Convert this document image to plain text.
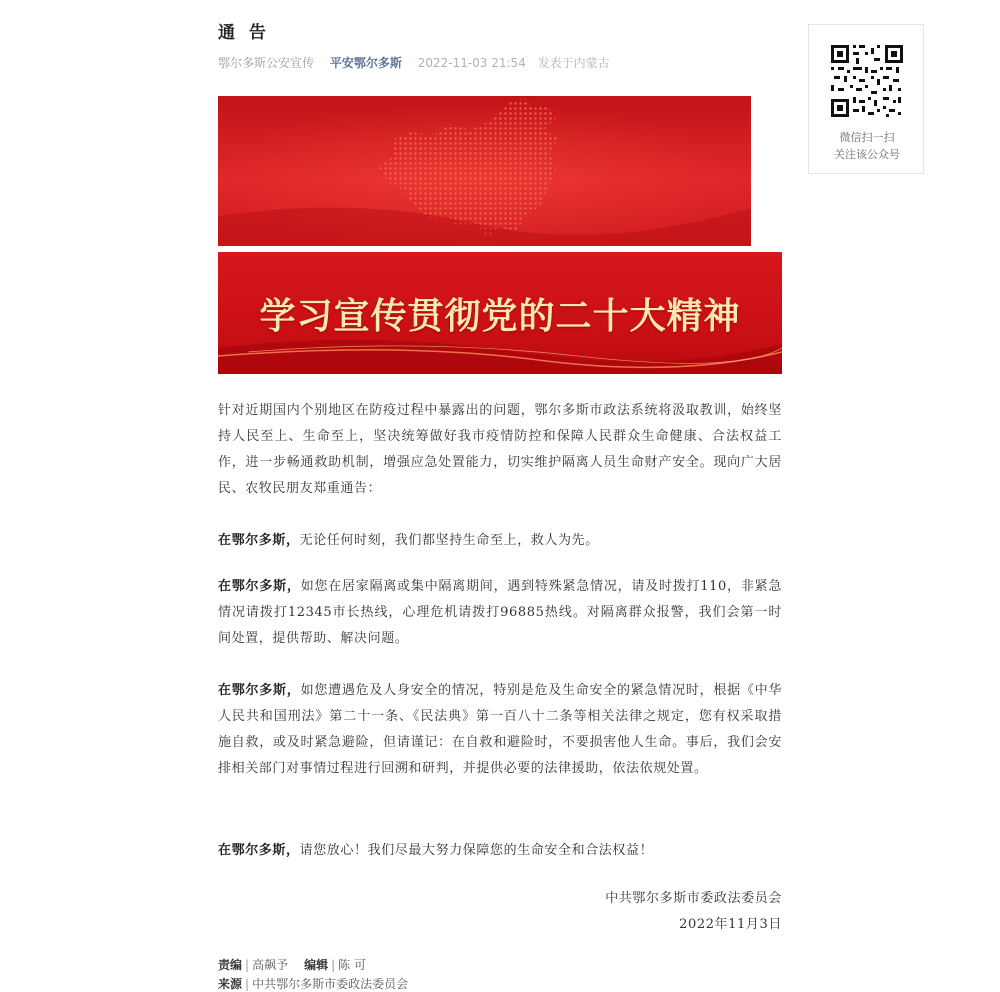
通 告
鄂尔多斯公安宣传 平安鄂尔多斯 2022-11-03 21:54 发表于内蒙古
学习宣传贯彻党的二十大精神

针对近期国内个别地区在防疫过程中暴露出的问题，鄂尔多斯市政法系统将汲取教训，始终坚持人民至上、生命至上，坚决统筹做好我市疫情防控和保障人民群众生命健康、合法权益工作，进一步畅通救助机制，增强应急处置能力，切实维护隔离人员生命财产安全。现向广大居民、农牧民朋友郑重通告：

在鄂尔多斯，无论任何时刻，我们都坚持生命至上，救人为先。

在鄂尔多斯，如您在居家隔离或集中隔离期间，遇到特殊紧急情况，请及时拨打110，非紧急情况请拨打12345市长热线，心理危机请拨打96885热线。对隔离群众报警，我们会第一时间处置，提供帮助、解决问题。

在鄂尔多斯，如您遭遇危及人身安全的情况，特别是危及生命安全的紧急情况时，根据《中华人民共和国刑法》第二十一条、《民法典》第一百八十二条等相关法律之规定，您有权采取措施自救，或及时紧急避险，但请谨记：在自救和避险时，不要损害他人生命。事后，我们会安排相关部门对事情过程进行回溯和研判，并提供必要的法律援助，依法依规处置。

在鄂尔多斯，请您放心！我们尽最大努力保障您的生命安全和合法权益！

中共鄂尔多斯市委政法委员会
2022年11月3日
责编 | 高飙予 编辑 | 陈 可
来源 | 中共鄂尔多斯市委政法委员会
微信扫一扫
关注该公众号
